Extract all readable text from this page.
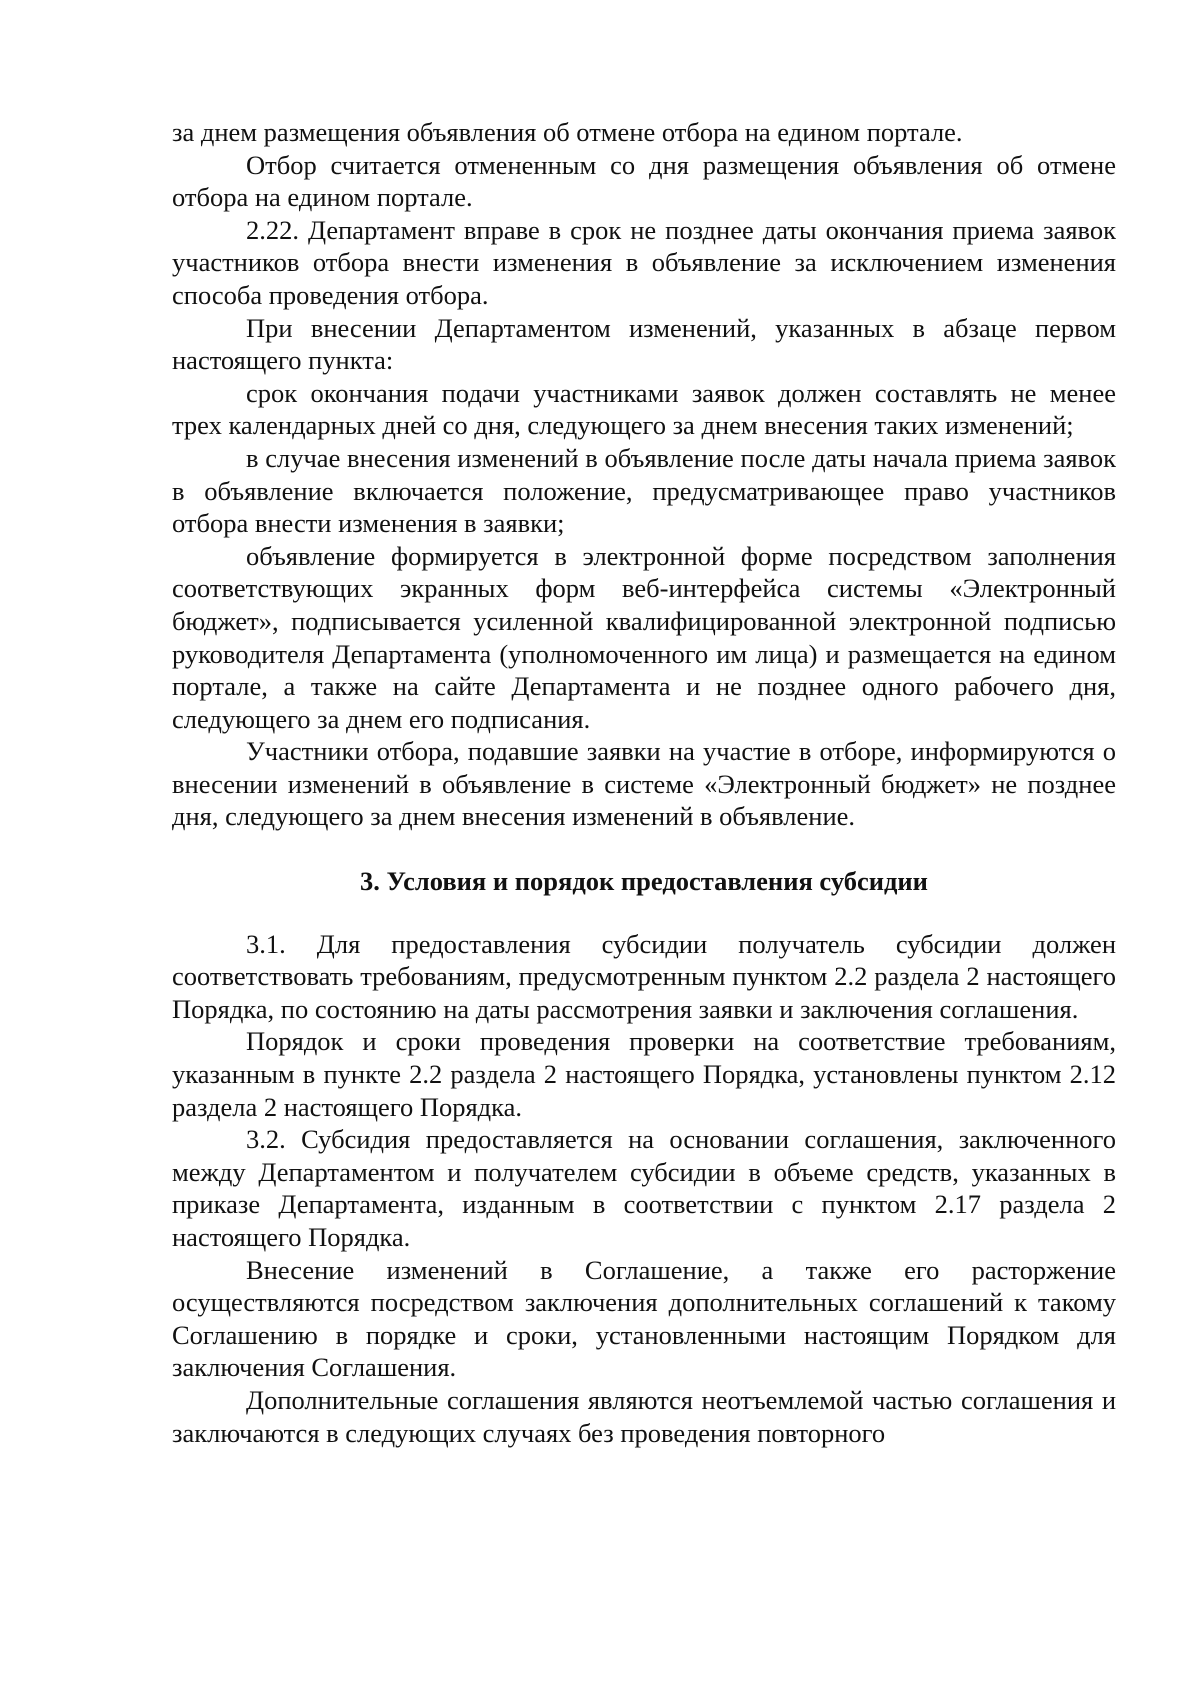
за днем размещения объявления об отмене отбора на едином портале.

Отбор считается отмененным со дня размещения объявления об отмене отбора на едином портале.

2.22. Департамент вправе в срок не позднее даты окончания приема заявок участников отбора внести изменения в объявление за исключением изменения способа проведения отбора.

При внесении Департаментом изменений, указанных в абзаце первом настоящего пункта:

срок окончания подачи участниками заявок должен составлять не менее трех календарных дней со дня, следующего за днем внесения таких изменений;

в случае внесения изменений в объявление после даты начала приема заявок в объявление включается положение, предусматривающее право участников отбора внести изменения в заявки;

объявление формируется в электронной форме посредством заполнения соответствующих экранных форм веб-интерфейса системы «Электронный бюджет», подписывается усиленной квалифицированной электронной подписью руководителя Департамента (уполномоченного им лица) и размещается на едином портале, а также на сайте Департамента и не позднее одного рабочего дня, следующего за днем его подписания.

Участники отбора, подавшие заявки на участие в отборе, информируются о внесении изменений в объявление в системе «Электронный бюджет» не позднее дня, следующего за днем внесения изменений в объявление.

3. Условия и порядок предоставления субсидии

3.1. Для предоставления субсидии получатель субсидии должен соответствовать требованиям, предусмотренным пунктом 2.2 раздела 2 настоящего Порядка, по состоянию на даты рассмотрения заявки и заключения соглашения.

Порядок и сроки проведения проверки на соответствие требованиям, указанным в пункте 2.2 раздела 2 настоящего Порядка, установлены пунктом 2.12 раздела 2 настоящего Порядка.

3.2. Субсидия предоставляется на основании соглашения, заключенного между Департаментом и получателем субсидии в объеме средств, указанных в приказе Департамента, изданным в соответствии с пунктом 2.17 раздела 2 настоящего Порядка.

Внесение изменений в Соглашение, а также его расторжение осуществляются посредством заключения дополнительных соглашений к такому Соглашению в порядке и сроки, установленными настоящим Порядком для заключения Соглашения.

Дополнительные соглашения являются неотъемлемой частью соглашения и заключаются в следующих случаях без проведения повторного
